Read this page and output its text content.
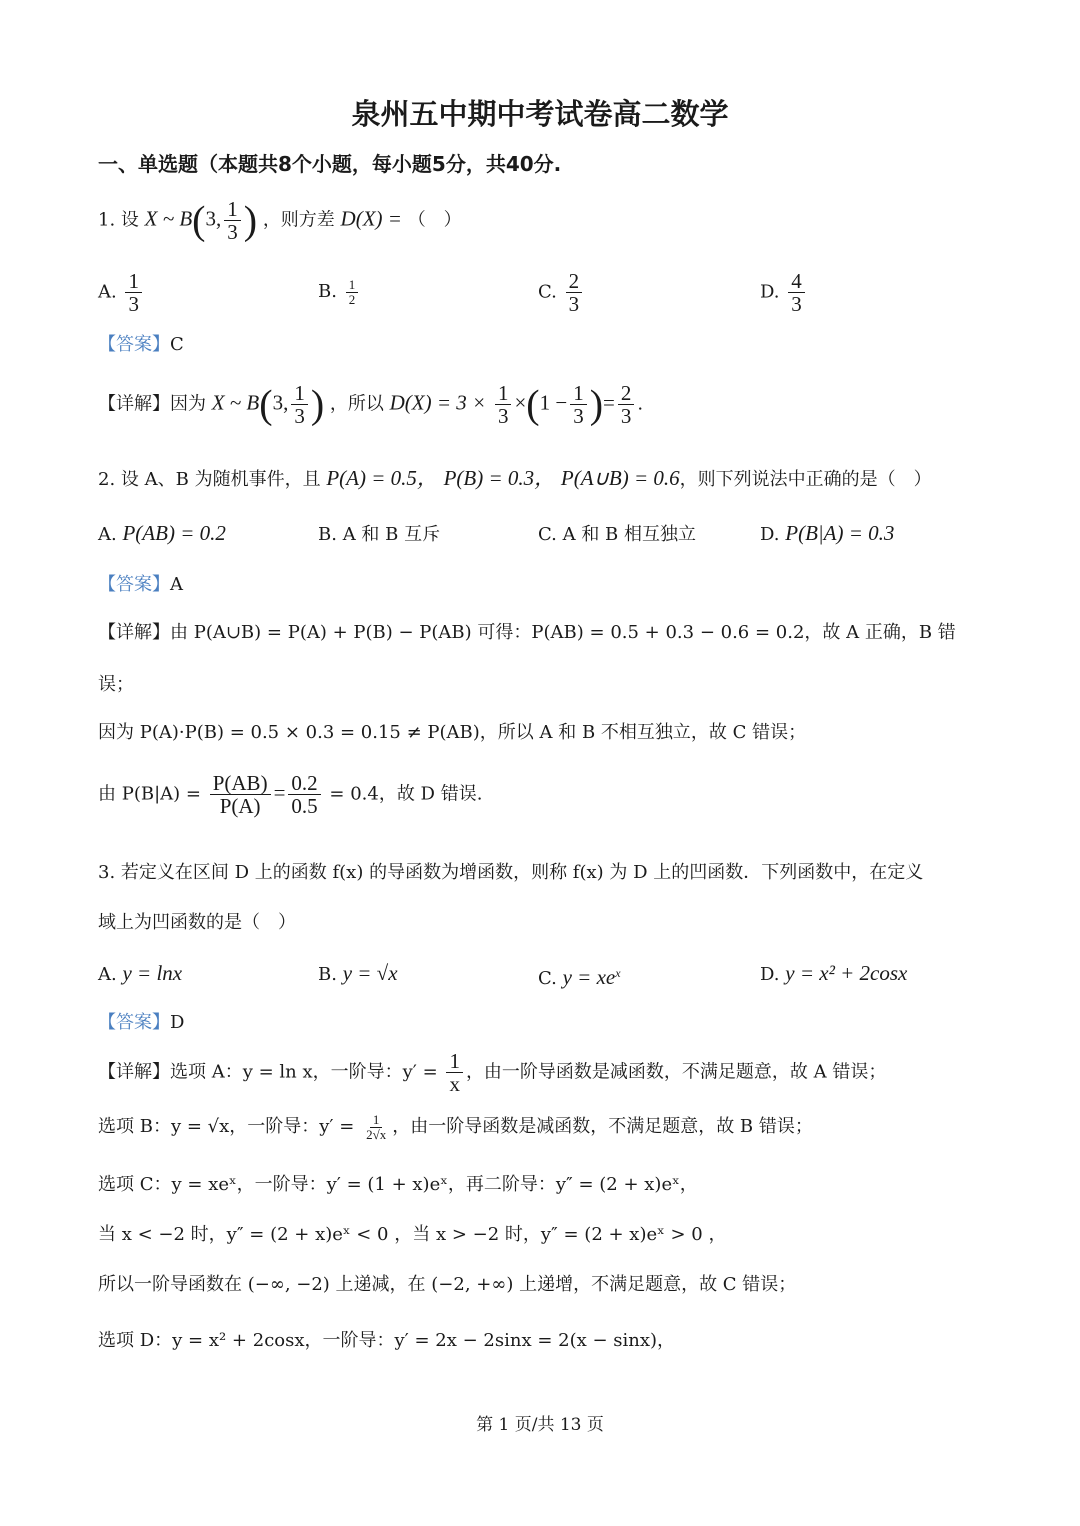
泉州五中期中考试卷高二数学
一、单选题（本题共8个小题，每小题5分，共40分.
1. 设 X ~ B(3, $\frac{1}{3}$ ) ，则方差 D(X) = （　）
A. $\frac{1}{3}$	B. $\frac{1}{2}$	C. $\frac{2}{3}$	D. $\frac{4}{3}$
【答案】C
【详解】因为 X ~ B(3, $\frac{1}{3}$ ) ，所以 $D(X) = 3 \times \frac{1}{3} \times(1 - \frac{1}{3}$ )= $\frac{2}{3}$ .
2. 设 A、B 为随机事件，且 P(A) = 0.5， P(B) = 0.3， P(A∪B) = 0.6，则下列说法中正确的是（　）
A. P(AB) = 0.2	B. A 和 B 互斥	C. A 和 B 相互独立	D. P(B|A) = 0.3
【答案】A
【详解】由 P(A∪B) = P(A) + P(B) − P(AB) 可得：P(AB) = 0.5 + 0.3 − 0.6 = 0.2，故 A 正确，B 错
误；
因为 P(A)·P(B) = 0.5 × 0.3 = 0.15 ≠ P(AB)，所以 A 和 B 不相互独立，故 C 错误；
由 $P(B|A) = \frac{P(AB)}{P(A)} = \frac{0.2}{0.5} = 0.4$，故 D 错误.
3. 若定义在区间 D 上的函数 f(x) 的导函数为增函数，则称 f(x) 为 D 上的凹函数．下列函数中，在定义
域上为凹函数的是（　）
A. y = lnx	B. y = √x	C. $y = xe^x$	D. y = x² + 2cosx
【答案】D
【详解】选项 A：y = ln x，一阶导：$y' = \frac{1}{x}$ ，由一阶导函数是减函数，不满足题意，故 A 错误；
选项 B：y = √x，一阶导：$y' = \frac{1}{2√x}$ ，由一阶导函数是减函数，不满足题意，故 B 错误；
选项 C：y = xeˣ，一阶导：y′ = (1 + x)eˣ，再二阶导：y″ = (2 + x)eˣ，
当 x < −2 时，y″ = (2 + x)eˣ < 0 ，当 x > −2 时，y″ = (2 + x)eˣ > 0 ，
所以一阶导函数在 (−∞, −2) 上递减，在 (−2, +∞) 上递增，不满足题意，故 C 错误；
选项 D：y = x² + 2cosx，一阶导：y′ = 2x − 2sinx = 2(x − sinx)，
第 1 页/共 13 页
